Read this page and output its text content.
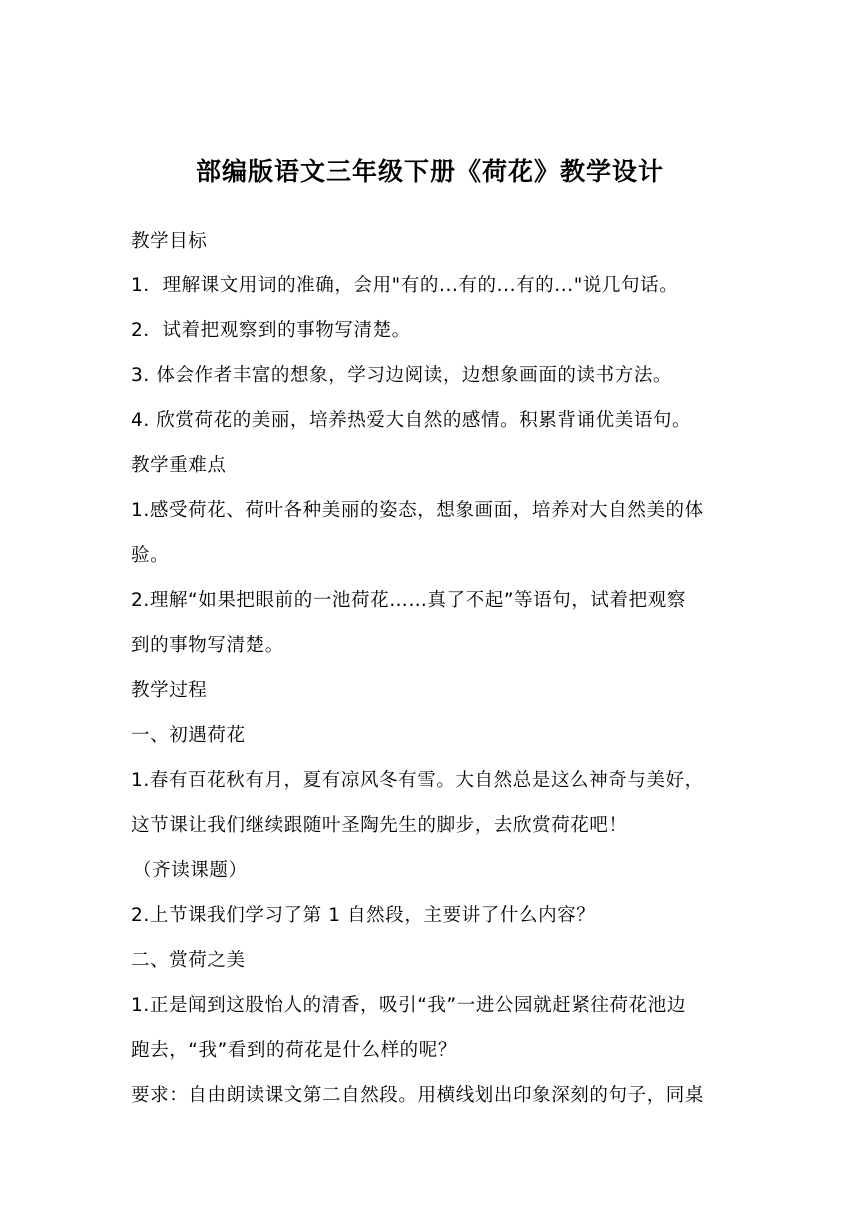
部编版语文三年级下册《荷花》教学设计
教学目标
1．理解课文用词的准确，会用"有的...有的...有的..."说几句话。
2．试着把观察到的事物写清楚。
3. 体会作者丰富的想象，学习边阅读，边想象画面的读书方法。
4. 欣赏荷花的美丽，培养热爱大自然的感情。积累背诵优美语句。
教学重难点
1.感受荷花、荷叶各种美丽的姿态，想象画面，培养对大自然美的体
验。
2.理解“如果把眼前的一池荷花……真了不起”等语句，试着把观察
到的事物写清楚。
教学过程
一、初遇荷花
1.春有百花秋有月，夏有凉风冬有雪。大自然总是这么神奇与美好，
这节课让我们继续跟随叶圣陶先生的脚步，去欣赏荷花吧！
（齐读课题）
2.上节课我们学习了第 1 自然段，主要讲了什么内容？
二、赏荷之美
1.正是闻到这股怡人的清香，吸引“我”一进公园就赶紧往荷花池边
跑去，“我”看到的荷花是什么样的呢？
要求：自由朗读课文第二自然段。用横线划出印象深刻的句子，同桌
